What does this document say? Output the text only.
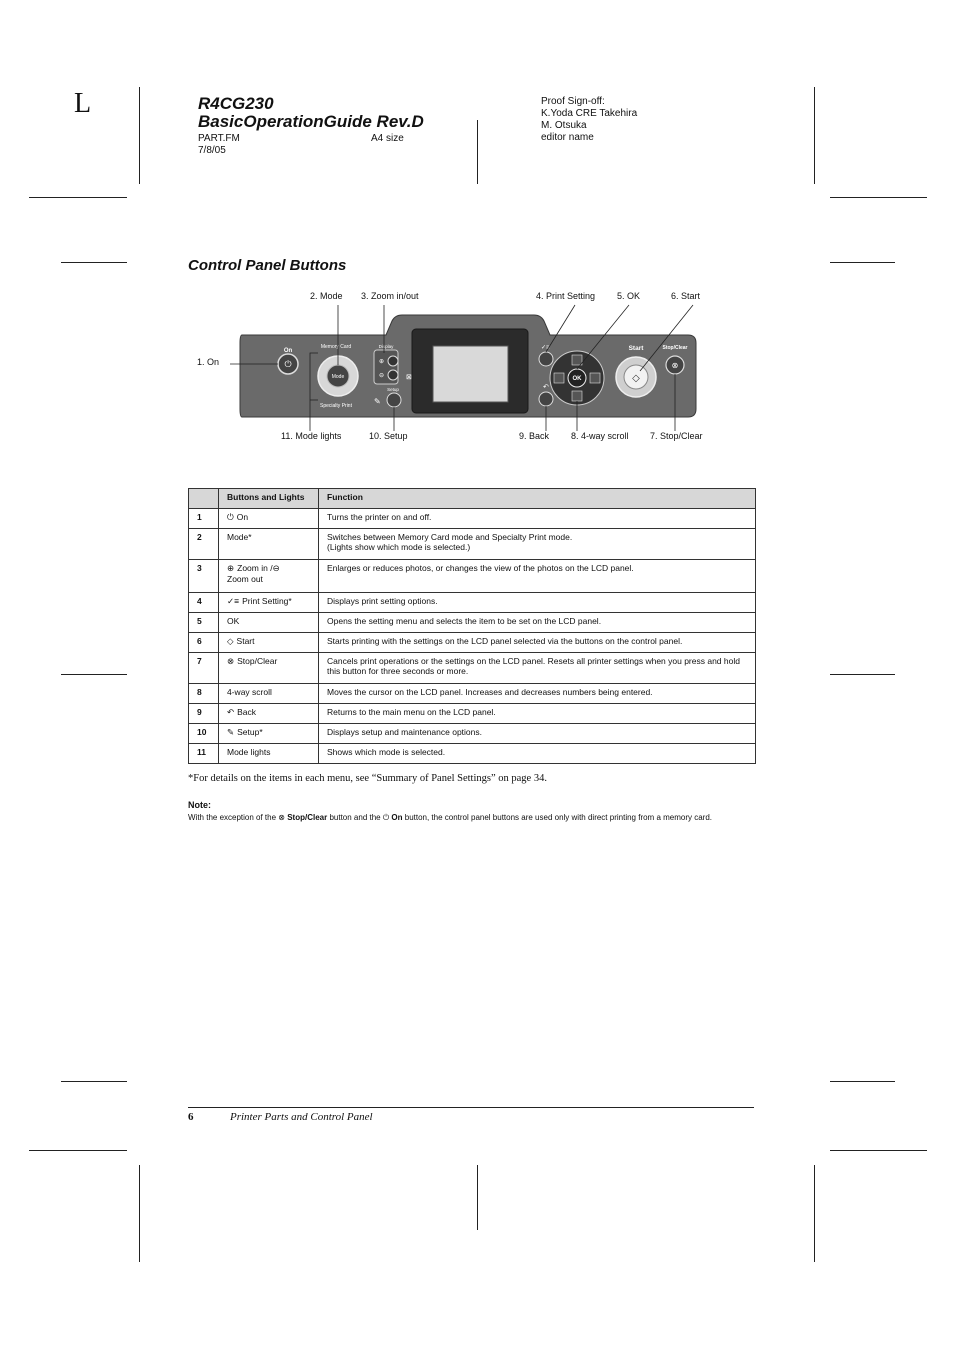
L	R4CG230
BasicOperationGuide Rev.D
PART.FM
7/8/05
A4 size
Proof Sign-off:
K.Yoda CRE Takehira
M. Otsuka
editor name
Control Panel Buttons
⏻
On
Mode
Memory Card
Specialty Print
⊕
⊖	⊠
Display
Setup
✎
✓≡
↶
OK	◇
Start
⊗
Stop/Clear
1. On
2. Mode 3. Zoom in/out	4. Print Setting 5. OK	6. Start
11. Mode lights	10. Setup	9. Back 8. 4-way scroll 7. Stop/Clear
	Buttons and Lights	Function
1	⏻ On	Turns the printer on and off.
2	Mode*	Switches between Memory Card mode and Specialty Print mode.
(Lights show which mode is selected.)

3	⊕ Zoom in /⊖
Zoom out	Enlarges or reduces photos, or changes the view of the photos on the LCD panel.
4	✓≡ Print Setting*	Displays print setting options.
5	OK	Opens the setting menu and selects the item to be set on the LCD panel.
6	◇ Start	Starts printing with the settings on the LCD panel selected via the buttons on the control panel.
7	⊗ Stop/Clear	Cancels print operations or the settings on the LCD panel. Resets all printer settings when you press and hold this button for three seconds or more.
8	4-way scroll	Moves the cursor on the LCD panel. Increases and decreases numbers being entered.
9	↶ Back	Returns to the main menu on the LCD panel.
10	✎ Setup*	Displays setup and maintenance options.
11	Mode lights	Shows which mode is selected.
*For details on the items in each menu, see “Summary of Panel Settings” on page 34.
Note:
With the exception of the ⊗ Stop/Clear button and the ⏻ On button, the control panel buttons are used only with direct printing from a memory card.
6	Printer Parts and Control Panel
